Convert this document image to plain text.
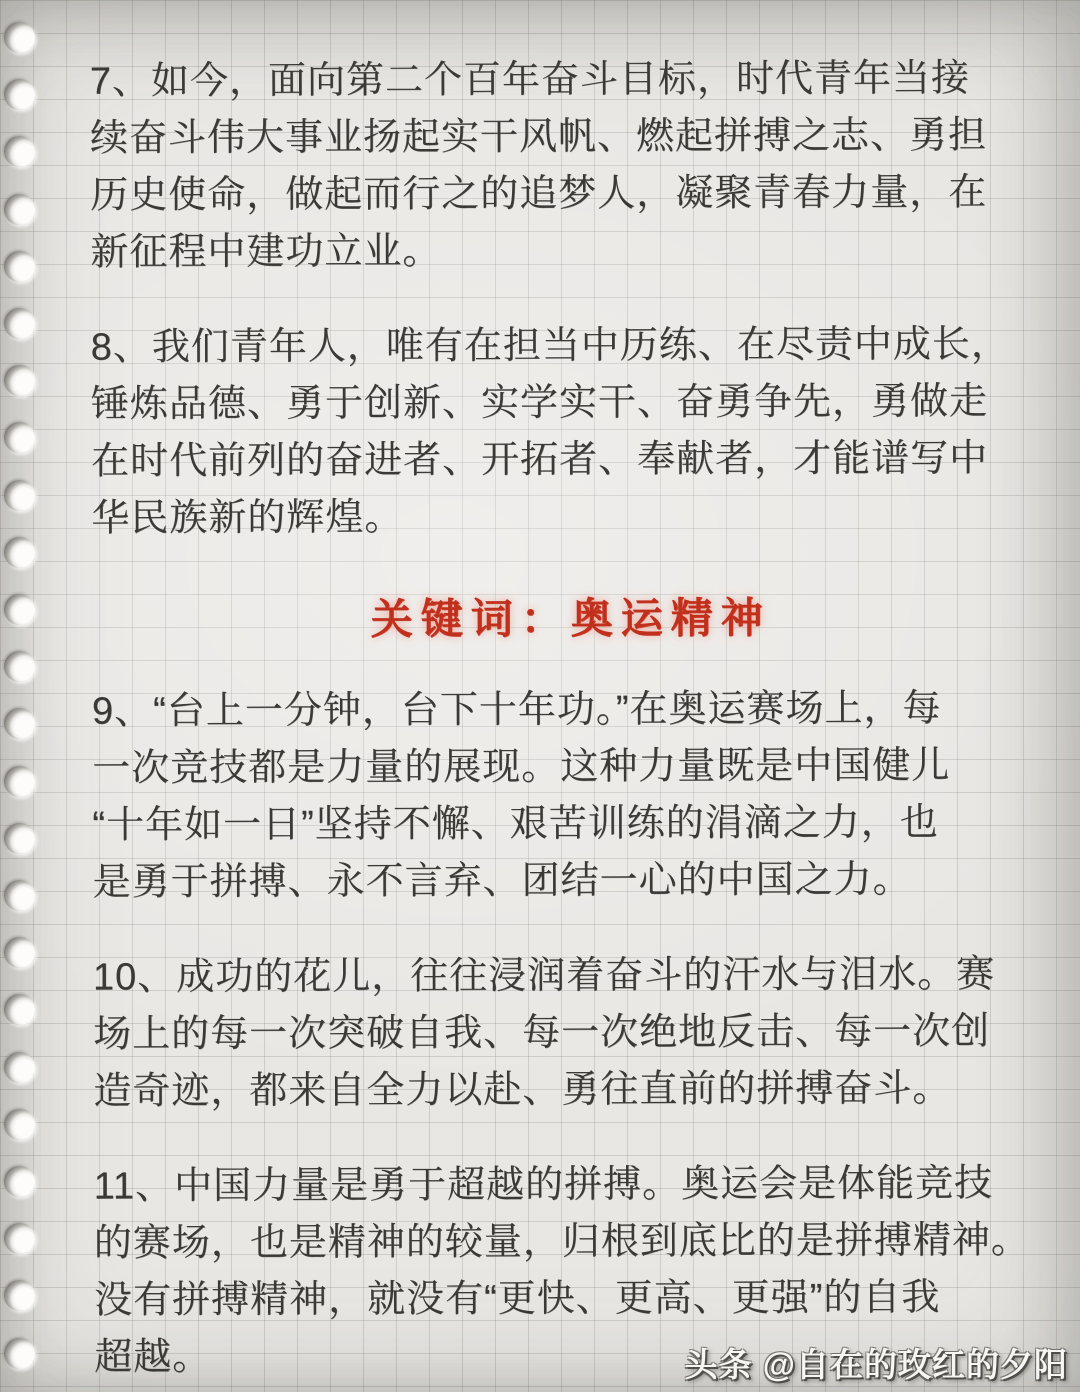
7、如今，面向第二个百年奋斗目标，时代青年当接
续奋斗伟大事业扬起实干风帆、燃起拼搏之志、勇担
历史使命，做起而行之的追梦人，凝聚青春力量，在
新征程中建功立业。
8、我们青年人，唯有在担当中历练、在尽责中成长，
锤炼品德、勇于创新、实学实干、奋勇争先，勇做走
在时代前列的奋进者、开拓者、奉献者，才能谱写中
华民族新的辉煌。
关键词：奥运精神
9、“台上一分钟，台下十年功。”在奥运赛场上，每
一次竞技都是力量的展现。这种力量既是中国健儿
“十年如一日”坚持不懈、艰苦训练的涓滴之力，也
是勇于拼搏、永不言弃、团结一心的中国之力。
10、成功的花儿，往往浸润着奋斗的汗水与泪水。赛
场上的每一次突破自我、每一次绝地反击、每一次创
造奇迹，都来自全力以赴、勇往直前的拼搏奋斗。
11、中国力量是勇于超越的拼搏。奥运会是体能竞技
的赛场，也是精神的较量，归根到底比的是拼搏精神。
没有拼搏精神，就没有“更快、更高、更强”的自我
超越。	头条 @自在的玫红的夕阳
